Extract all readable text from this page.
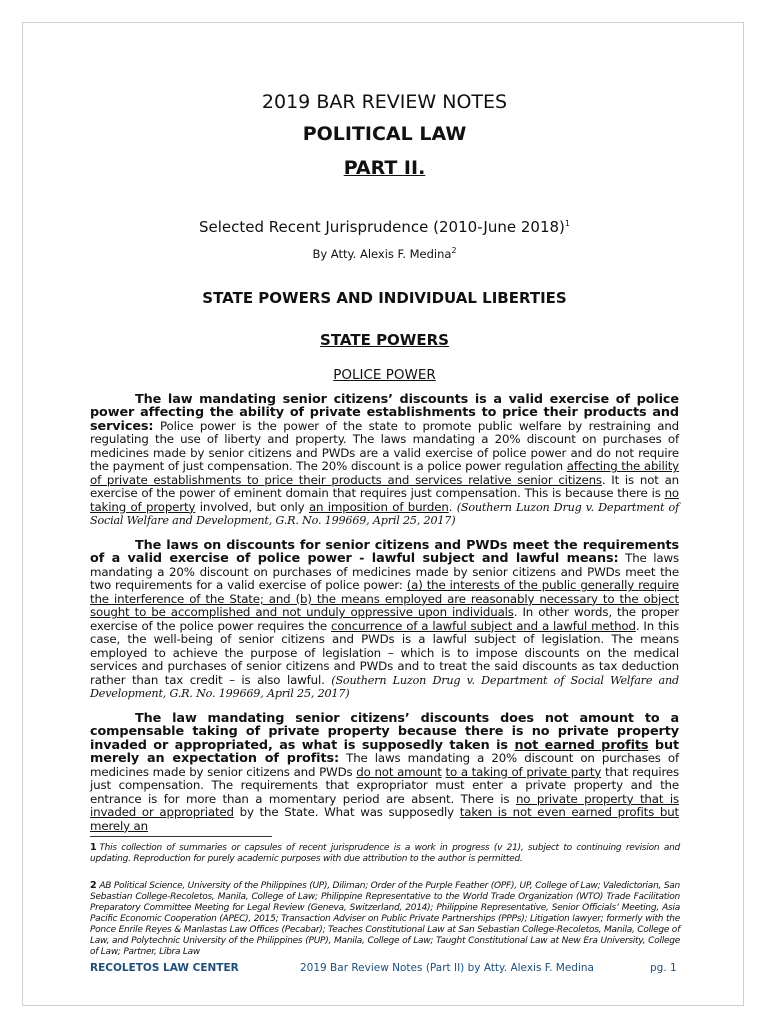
2019 BAR REVIEW NOTES

POLITICAL LAW

PART II.

Selected Recent Jurisprudence (2010-June 2018)$^1$

By Atty. Alexis F. Medina$^2$

STATE POWERS AND INDIVIDUAL LIBERTIES

STATE POWERS

POLICE POWER

The law mandating senior citizens’ discounts is a valid exercise of police power affecting the ability of private establishments to price their products and services: Police power is the power of the state to promote public welfare by restraining and regulating the use of liberty and property. The laws mandating a 20% discount on purchases of medicines made by senior citizens and PWDs are a valid exercise of police power and do not require the payment of just compensation. The 20% discount is a police power regulation affecting the ability of private establishments to price their products and services relative senior citizens. It is not an exercise of the power of eminent domain that requires just compensation. This is because there is no taking of property involved, but only an imposition of burden. (Southern Luzon Drug v. Department of Social Welfare and Development, G.R. No. 199669, April 25, 2017)

The laws on discounts for senior citizens and PWDs meet the requirements of a valid exercise of police power - lawful subject and lawful means: The laws mandating a 20% discount on purchases of medicines made by senior citizens and PWDs meet the two requirements for a valid exercise of police power: (a) the interests of the public generally require the interference of the State; and (b) the means employed are reasonably necessary to the object sought to be accomplished and not unduly oppressive upon individuals. In other words, the proper exercise of the police power requires the concurrence of a lawful subject and a lawful method. In this case, the well-being of senior citizens and PWDs is a lawful subject of legislation. The means employed to achieve the purpose of legislation – which is to impose discounts on the medical services and purchases of senior citizens and PWDs and to treat the said discounts as tax deduction rather than tax credit – is also lawful. (Southern Luzon Drug v. Department of Social Welfare and Development, G.R. No. 199669, April 25, 2017)

The law mandating senior citizens’ discounts does not amount to a compensable taking of private property because there is no private property invaded or appropriated, as what is supposedly taken is not earned profits but merely an expectation of profits: The laws mandating a 20% discount on purchases of medicines made by senior citizens and PWDs do not amount to a taking of private party that requires just compensation. The requirements that expropriator must enter a private property and the entrance is for more than a momentary period are absent. There is no private property that is invaded or appropriated by the State. What was supposedly taken is not even earned profits but merely an

1 This collection of summaries or capsules of recent jurisprudence is a work in progress (v 21), subject to continuing revision and updating. Reproduction for purely academic purposes with due attribution to the author is permitted.

2 AB Political Science, University of the Philippines (UP), Diliman; Order of the Purple Feather (OPF), UP, College of Law; Valedictorian, San Sebastian College-Recoletos, Manila, College of Law; Philippine Representative to the World Trade Organization (WTO) Trade Facilitation Preparatory Committee Meeting for Legal Review (Geneva, Switzerland, 2014); Philippine Representative, Senior Officials’ Meeting, Asia Pacific Economic Cooperation (APEC), 2015; Transaction Adviser on Public Private Partnerships (PPPs); Litigation lawyer; formerly with the Ponce Enrile Reyes & Manlastas Law Offices (Pecabar); Teaches Constitutional Law at San Sebastian College-Recoletos, Manila, College of Law, and Polytechnic University of the Philippines (PUP), Manila, College of Law; Taught Constitutional Law at New Era University, College of Law; Partner, Libra Law

RECOLETOS LAW CENTER	2019 Bar Review Notes (Part II) by Atty. Alexis F. Medina	pg. 1
